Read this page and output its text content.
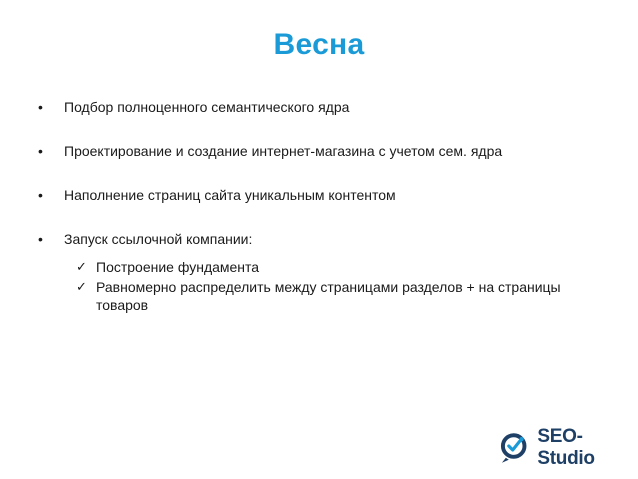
Весна
• Подбор полноценного семантического ядра
• Проектирование и создание интернет-магазина с учетом сем. ядра
• Наполнение страниц сайта уникальным контентом
• Запуск ссылочной компании:
✓ Построение фундамента
✓ Равномерно распределить между страницами разделов + на страницы товаров
SEO-Studio
